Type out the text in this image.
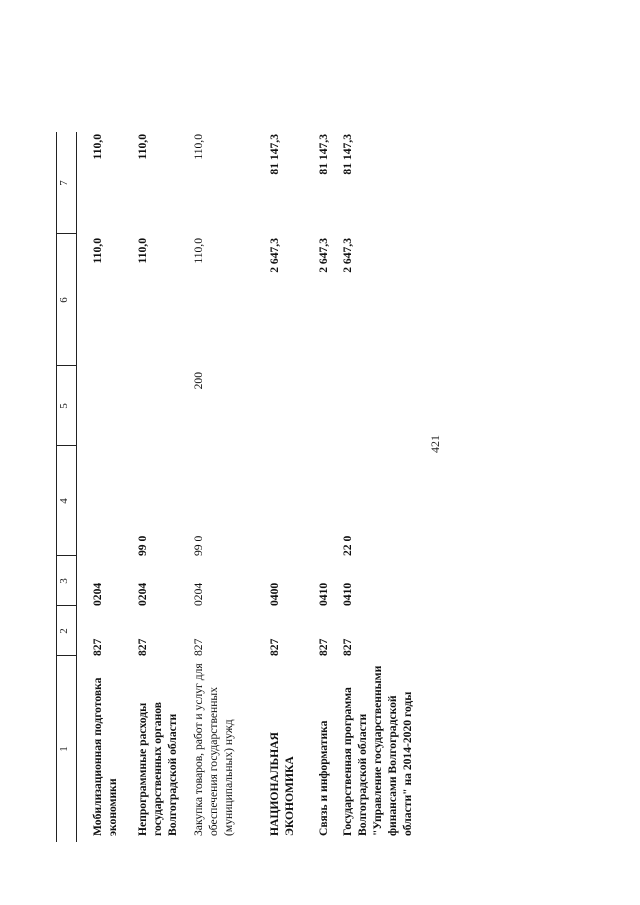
421
1
2
3
4
5
6
7
Мобилизационная подготовка экономики
827
0204
110,0
110,0
Непрограммные расходы государственных органов Волгоградской области
827
0204
99 0
110,0
110,0
Закупка товаров, работ и услуг для обеспечения государственных (муниципальных) нужд
827
0204
99 0
200
110,0
110,0
НАЦИОНАЛЬНАЯ ЭКОНОМИКА
827
0400
2 647,3
81 147,3
Связь и информатика
827
0410
2 647,3
81 147,3
Государственная программа Волгоградской области "Управление государственными финансами Волгоградской области" на 2014-2020 годы
827
0410
22 0
2 647,3
81 147,3
